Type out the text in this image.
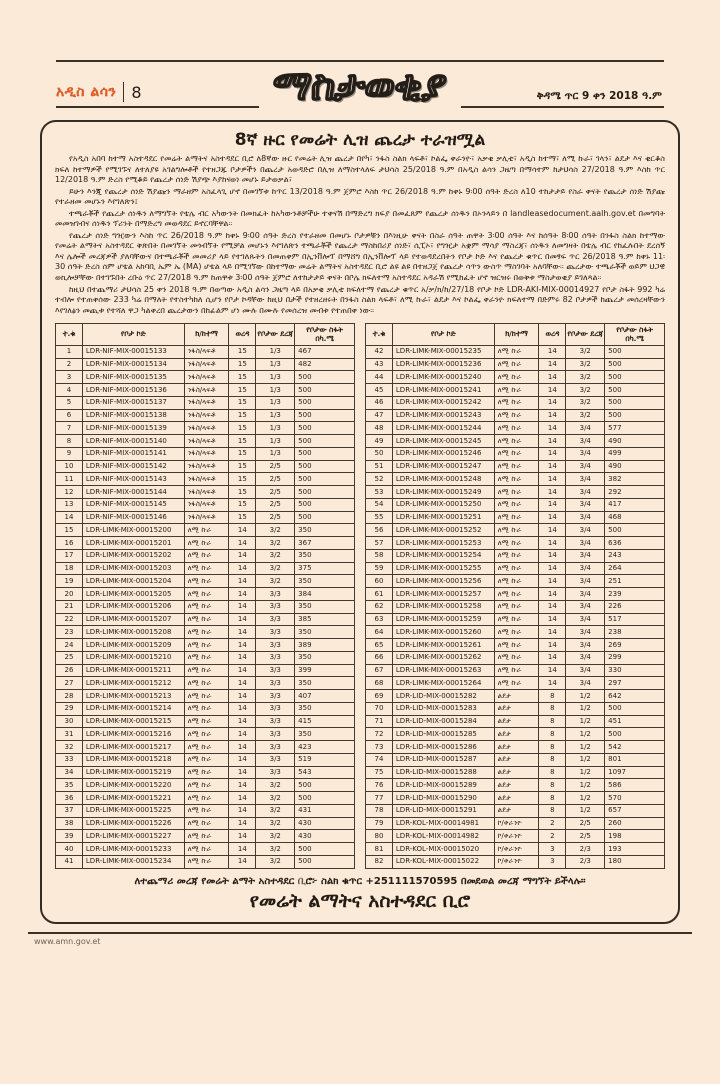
አዲስ ልሳን 8	ማስታወቂያ	ቅዳሜ ጥር 9 ቀን 2018 ዓ.ም
8ኛ ዙር የመሬት ሊዝ ጨረታ ተራዝሟል

የአዲስ አበባ ከተማ አስተዳደር የመሬት ልማትና አስተዳደር ቢሮ ለ8ኛው ዙር የመሬት ሊዝ ጨረታ በየካ፣ ንፋስ ስልክ ላፍቶ፣ ኮልፌ ቀራንዮ፣ አቃቂ ቃሊቲ፣ አዲስ ከተማ፣ ለሚ ኩራ፣ ገላን፣ ልደታ እና ቂርቆስ ክፍለ ከተማዎች የሚገኙና ለተለያዩ አገልግሎቶች የተዘጋጁ ቦታዎችን በጨረታ አወዳድሮ በሊዝ ለማስተላለፍ ታህሳስ 25/2018 ዓ.ም በአዲስ ልሳን ጋዜጣ በማሳተም ከታህሳስ 27/2018 ዓ.ም እስከ ጥር 12/2018 ዓ.ም ድረስ የሚቆይ የጨረታ ሰነድ ሽያጭ እያከናወነ መሆኑ ይታወቃል፣

ይሁን እንጂ የጨረታ ሰነድ ሽያጩን ማራዘም አስፈላጊ ሆኖ በመገኘቱ ከጥር 13/2018 ዓ.ም ጀምሮ እስከ ጥር 26/2018 ዓ.ም ከቀኑ 9፡00 ሰዓት ድረስ ለ10 ተከታታይ የስራ ቀናት የጨረታ ሰነድ ሽያጩ የተራዘመ መሆኑን እየገለጽን፤

ተጫራቾች የጨረታ ሰነዱን ለማግኘት የቴሌ ብር አካውንት በመክፈት ከአካውንቶቻችሁ ተቀናሽ በማድረግ ክፍያ በመፈጸም የጨረታ ሰነዱን በኦንላይን በ landleasedocument.aalh.gov.et በመግባት መመዝገብና ሰነዱን ፕሪንት በማድረግ መወዳደር ይኖርባቸዋል።

የጨረታ ሰነድ ግዢውን እስከ ጥር 26/2018 ዓ.ም ከቀኑ 9፡00 ሰዓት ድረስ የተራዘመ በመሆኑ ቦታዎቹን በእነዚሁ ቀናት በስራ ሰዓት ጠዋት 3፡00 ሰዓት እና ከሰዓት 8፡00 ሰዓት በንፋስ ስልክ ከተማው የመሬት ልማትና አስተዳደር ቅጽበት በመገኘት መጎብኘት የሚቻል መሆኑን እየገለጽን ተጫራቾች የጨረታ ማስከበሪያ ሰነድ፣ ሲፒኦ፣ የግዢታ አቋም ማሳያ ማስረጃ፣ ሰነዱን ለመግዛት በቴሌ ብር የከፈሉበት ደረሰኝ እና ሌሎች መረጃዎች ያለባቸውና በተጫራቾች መመሪያ ላይ የተገለጹትን በመጠቀም በኢንቨሎፕ በማሸግ በኢንቨሎፕ ላይ የተወዳደረበትን የቦታ ኮድ እና የጨረታ ቁጥር በመፃፍ ጥር 26/2018 ዓ.ም ከቀኑ 11፡30 ሰዓት ድረስ ሰም ሆቴል አከባቢ ኤም ኤ (MA) ሆቴል ላይ በሚገኘው በከተማው መሬት ልማትና አስተዳደር ቢሮ ልዩ ልዩ በተዘጋጀ የጨረታ ሳጥን ውስጥ ማስገባት አለባቸው። ጨረታው ተጫራቾች ወይም ህጋዊ ወኪሎቻቸው በተገኙበት ረቡዕ ጥር 27/2018 ዓ.ም ከጠዋቱ 3፡00 ሰዓት ጀምሮ ለተከታታይ ቀናት በቦሌ ክፍለተማ አስተዳደር አዳራሽ የሚከፈት ሆኖ ዝርዝሩ በወቅቱ ማስታወቂያ ይገለጻል።

ከዚህ በተጨማሪ ታህሳስ 25 ቀን 2018 ዓ.ም በወጣው አዲስ ልሳን ጋዜጣ ላይ በአቃቂ ቃሊቲ ክፍለተማ የጨረታ ቁጥር አ/ቃ/ክ/ከ/27/18 የቦታ ኮድ LDR-AKI-MIX-00014927 የቦታ ስፋት 992 ካሬ ተብሎ የተጠቀሰው 233 ካሬ በማለት የተስተካከለ ሲሆን የቦታ ኮዳቸው ከዚህ በታች የተዘረዘሩት በንፋስ ስልክ ላፍቶ፣ ለሚ ኩራ፣ ልደታ እና ኮልፌ ቀራንዮ ክፍለተማ በድምሩ 82 ቦታዎች ከጨረታ መሰረዛቸውን እየገለፅን መጪቱ የተሻለ ዋጋ ካልቀረበ ጨረታውን በከፊልም ሆነ ሙሉ በሙሉ የመሰረዝ መብቱ የተጠበቀ ነው።

ተ.ቁ	የቦታ ኮድ	ክ/ከተማ	ወረዳ	የቦታው ደረጃ	የቦታው ስፋት በካ.ሜ
1	LDR-NIF-MIX-00015133	ንፋስ/ላፍቶ	15	1/3	467
2	LDR-NIF-MIX-00015134	ንፋስ/ላፍቶ	15	1/3	482
3	LDR-NIF-MIX-00015135	ንፋስ/ላፍቶ	15	1/3	500
4	LDR-NIF-MIX-00015136	ንፋስ/ላፍቶ	15	1/3	500
5	LDR-NIF-MIX-00015137	ንፋስ/ላፍቶ	15	1/3	500
6	LDR-NIF-MIX-00015138	ንፋስ/ላፍቶ	15	1/3	500
7	LDR-NIF-MIX-00015139	ንፋስ/ላፍቶ	15	1/3	500
8	LDR-NIF-MIX-00015140	ንፋስ/ላፍቶ	15	1/3	500
9	LDR-NIF-MIX-00015141	ንፋስ/ላፍቶ	15	1/3	500
10	LDR-NIF-MIX-00015142	ንፋስ/ላፍቶ	15	2/5	500
11	LDR-NIF-MIX-00015143	ንፋስ/ላፍቶ	15	2/5	500
12	LDR-NIF-MIX-00015144	ንፋስ/ላፍቶ	15	2/5	500
13	LDR-NIF-MIX-00015145	ንፋስ/ላፍቶ	15	2/5	500
14	LDR-NIF-MIX-00015146	ንፋስ/ላፍቶ	15	2/5	500
15	LDR-LIMK-MIX-00015200	ለሚ ኩራ	14	3/2	350
16	LDR-LIMK-MIX-00015201	ለሚ ኩራ	14	3/2	367
17	LDR-LIMK-MIX-00015202	ለሚ ኩራ	14	3/2	350
18	LDR-LIMK-MIX-00015203	ለሚ ኩራ	14	3/2	375
19	LDR-LIMK-MIX-00015204	ለሚ ኩራ	14	3/2	350
20	LDR-LIMK-MIX-00015205	ለሚ ኩራ	14	3/3	384
21	LDR-LIMK-MIX-00015206	ለሚ ኩራ	14	3/3	350
22	LDR-LIMK-MIX-00015207	ለሚ ኩራ	14	3/3	385
23	LDR-LIMK-MIX-00015208	ለሚ ኩራ	14	3/3	350
24	LDR-LIMK-MIX-00015209	ለሚ ኩራ	14	3/3	389
25	LDR-LIMK-MIX-00015210	ለሚ ኩራ	14	3/3	350
26	LDR-LIMK-MIX-00015211	ለሚ ኩራ	14	3/3	399
27	LDR-LIMK-MIX-00015212	ለሚ ኩራ	14	3/3	350
28	LDR-LIMK-MIX-00015213	ለሚ ኩራ	14	3/3	407
29	LDR-LIMK-MIX-00015214	ለሚ ኩራ	14	3/3	350
30	LDR-LIMK-MIX-00015215	ለሚ ኩራ	14	3/3	415
31	LDR-LIMK-MIX-00015216	ለሚ ኩራ	14	3/3	350
32	LDR-LIMK-MIX-00015217	ለሚ ኩራ	14	3/3	423
33	LDR-LIMK-MIX-00015218	ለሚ ኩራ	14	3/3	519
34	LDR-LIMK-MIX-00015219	ለሚ ኩራ	14	3/3	543
35	LDR-LIMK-MIX-00015220	ለሚ ኩራ	14	3/2	500
36	LDR-LIMK-MIX-00015221	ለሚ ኩራ	14	3/2	500
37	LDR-LIMK-MIX-00015225	ለሚ ኩራ	14	3/2	431
38	LDR-LIMK-MIX-00015226	ለሚ ኩራ	14	3/2	430
39	LDR-LIMK-MIX-00015227	ለሚ ኩራ	14	3/2	430
40	LDR-LIMK-MIX-00015233	ለሚ ኩራ	14	3/2	500
41	LDR-LIMK-MIX-00015234	ለሚ ኩራ	14	3/2	500
ተ.ቁ	የቦታ ኮድ	ክ/ከተማ	ወረዳ	የቦታው ደረጃ	የቦታው ስፋት በካ.ሜ
42	LDR-LIMK-MIX-00015235	ለሚ ኩራ	14	3/2	500
43	LDR-LIMK-MIX-00015236	ለሚ ኩራ	14	3/2	500
44	LDR-LIMK-MIX-00015240	ለሚ ኩራ	14	3/2	500
45	LDR-LIMK-MIX-00015241	ለሚ ኩራ	14	3/2	500
46	LDR-LIMK-MIX-00015242	ለሚ ኩራ	14	3/2	500
47	LDR-LIMK-MIX-00015243	ለሚ ኩራ	14	3/2	500
48	LDR-LIMK-MIX-00015244	ለሚ ኩራ	14	3/4	577
49	LDR-LIMK-MIX-00015245	ለሚ ኩራ	14	3/4	490
50	LDR-LIMK-MIX-00015246	ለሚ ኩራ	14	3/4	499
51	LDR-LIMK-MIX-00015247	ለሚ ኩራ	14	3/4	490
52	LDR-LIMK-MIX-00015248	ለሚ ኩራ	14	3/4	382
53	LDR-LIMK-MIX-00015249	ለሚ ኩራ	14	3/4	292
54	LDR-LIMK-MIX-00015250	ለሚ ኩራ	14	3/4	417
55	LDR-LIMK-MIX-00015251	ለሚ ኩራ	14	3/4	468
56	LDR-LIMK-MIX-00015252	ለሚ ኩራ	14	3/4	500
57	LDR-LIMK-MIX-00015253	ለሚ ኩራ	14	3/4	636
58	LDR-LIMK-MIX-00015254	ለሚ ኩራ	14	3/4	243
59	LDR-LIMK-MIX-00015255	ለሚ ኩራ	14	3/4	264
60	LDR-LIMK-MIX-00015256	ለሚ ኩራ	14	3/4	251
61	LDR-LIMK-MIX-00015257	ለሚ ኩራ	14	3/4	239
62	LDR-LIMK-MIX-00015258	ለሚ ኩራ	14	3/4	226
63	LDR-LIMK-MIX-00015259	ለሚ ኩራ	14	3/4	517
64	LDR-LIMK-MIX-00015260	ለሚ ኩራ	14	3/4	238
65	LDR-LIMK-MIX-00015261	ለሚ ኩራ	14	3/4	269
66	LDR-LIMK-MIX-00015262	ለሚ ኩራ	14	3/4	299
67	LDR-LIMK-MIX-00015263	ለሚ ኩራ	14	3/4	330
68	LDR-LIMK-MIX-00015264	ለሚ ኩራ	14	3/4	297
69	LDR-LID-MIX-00015282	ልደታ	8	1/2	642
70	LDR-LID-MIX-00015283	ልደታ	8	1/2	500
71	LDR-LID-MIX-00015284	ልደታ	8	1/2	451
72	LDR-LID-MIX-00015285	ልደታ	8	1/2	500
73	LDR-LID-MIX-00015286	ልደታ	8	1/2	542
74	LDR-LID-MIX-00015287	ልደታ	8	1/2	801
75	LDR-LID-MIX-00015288	ልደታ	8	1/2	1097
76	LDR-LID-MIX-00015289	ልደታ	8	1/2	586
77	LDR-LID-MIX-00015290	ልደታ	8	1/2	570
78	LDR-LID-MIX-00015291	ልደታ	8	1/2	657
79	LDR-KOL-MIX-00014981	ኮ/ቀራንዮ	2	2/5	260
80	LDR-KOL-MIX-00014982	ኮ/ቀራንዮ	2	2/5	198
81	LDR-KOL-MIX-00015020	ኮ/ቀራንዮ	3	2/3	193
82	LDR-KOL-MIX-00015022	ኮ/ቀራንዮ	3	2/3	180
ለተጨማሪ መረጃ የመሬት ልማት አስተዳደር ቢሮ፦ ስልክ ቁጥር +251111570595 በመደወል መረጃ ማግኘት ይችላሉ።
የመሬት ልማትና አስተዳደር ቢሮ
www.amn.gov.et
